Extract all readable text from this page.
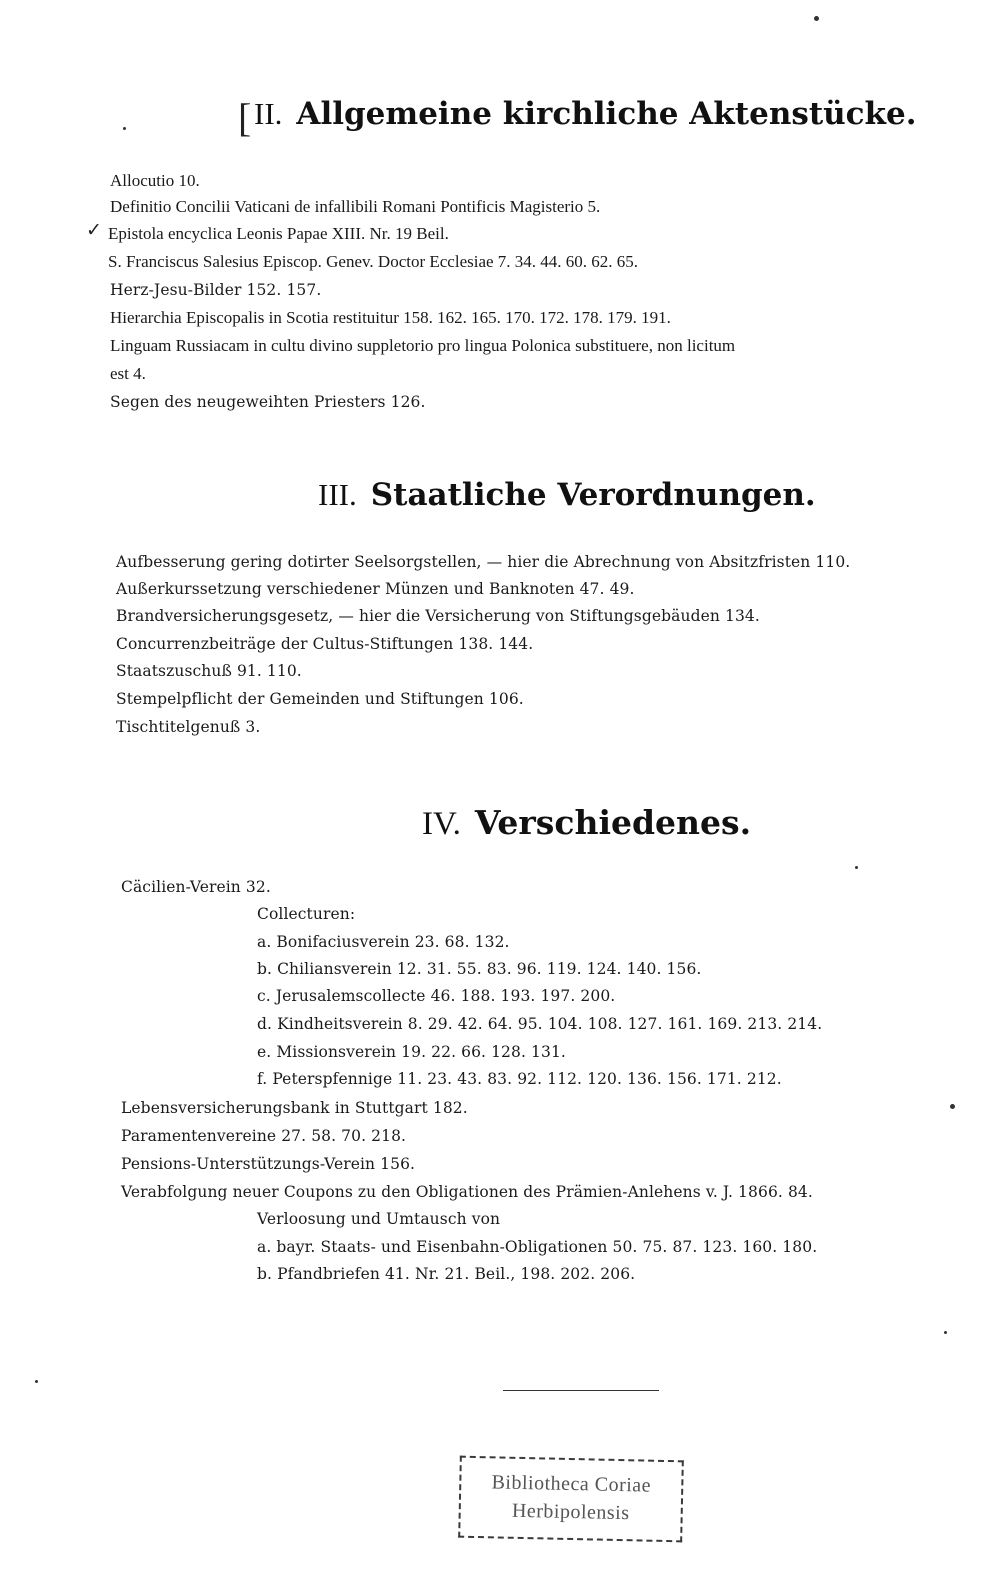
[ II. Allgemeine kirchliche Aktenstücke.
Allocutio 10.
Definitio Concilii Vaticani de infallibili Romani Pontificis Magisterio 5.
✓ Epistola encyclica Leonis Papae XIII. Nr. 19 Beil.
S. Franciscus Salesius Episcop. Genev. Doctor Ecclesiae 7. 34. 44. 60. 62. 65.
Herz-Jesu-Bilder 152. 157.
Hierarchia Episcopalis in Scotia restituitur 158. 162. 165. 170. 172. 178. 179. 191.
Linguam Russiacam in cultu divino suppletorio pro lingua Polonica substituere, non licitum
est 4.
Segen des neugeweihten Priesters 126.
III. Staatliche Verordnungen.
Aufbesserung gering dotirter Seelsorgstellen, — hier die Abrechnung von Absitzfristen 110.
Außerkurssetzung verschiedener Münzen und Banknoten 47. 49.
Brandversicherungsgesetz, — hier die Versicherung von Stiftungsgebäuden 134.
Concurrenzbeiträge der Cultus-Stiftungen 138. 144.
Staatszuschuß 91. 110.
Stempelpflicht der Gemeinden und Stiftungen 106.
Tischtitelgenuß 3.
IV. Verschiedenes.
Cäcilien-Verein 32.
Collecturen:
a. Bonifaciusverein 23. 68. 132.
b. Chiliansverein 12. 31. 55. 83. 96. 119. 124. 140. 156.
c. Jerusalemscollecte 46. 188. 193. 197. 200.
d. Kindheitsverein 8. 29. 42. 64. 95. 104. 108. 127. 161. 169. 213. 214.
e. Missionsverein 19. 22. 66. 128. 131.
f. Peterspfennige 11. 23. 43. 83. 92. 112. 120. 136. 156. 171. 212.
Lebensversicherungsbank in Stuttgart 182.
Paramentenvereine 27. 58. 70. 218.
Pensions-Unterstützungs-Verein 156.
Verabfolgung neuer Coupons zu den Obligationen des Prämien-Anlehens v. J. 1866. 84.
Verloosung und Umtausch von
a. bayr. Staats- und Eisenbahn-Obligationen 50. 75. 87. 123. 160. 180.
b. Pfandbriefen 41. Nr. 21. Beil., 198. 202. 206.
Bibliotheca Coriae
Herbipolensis
